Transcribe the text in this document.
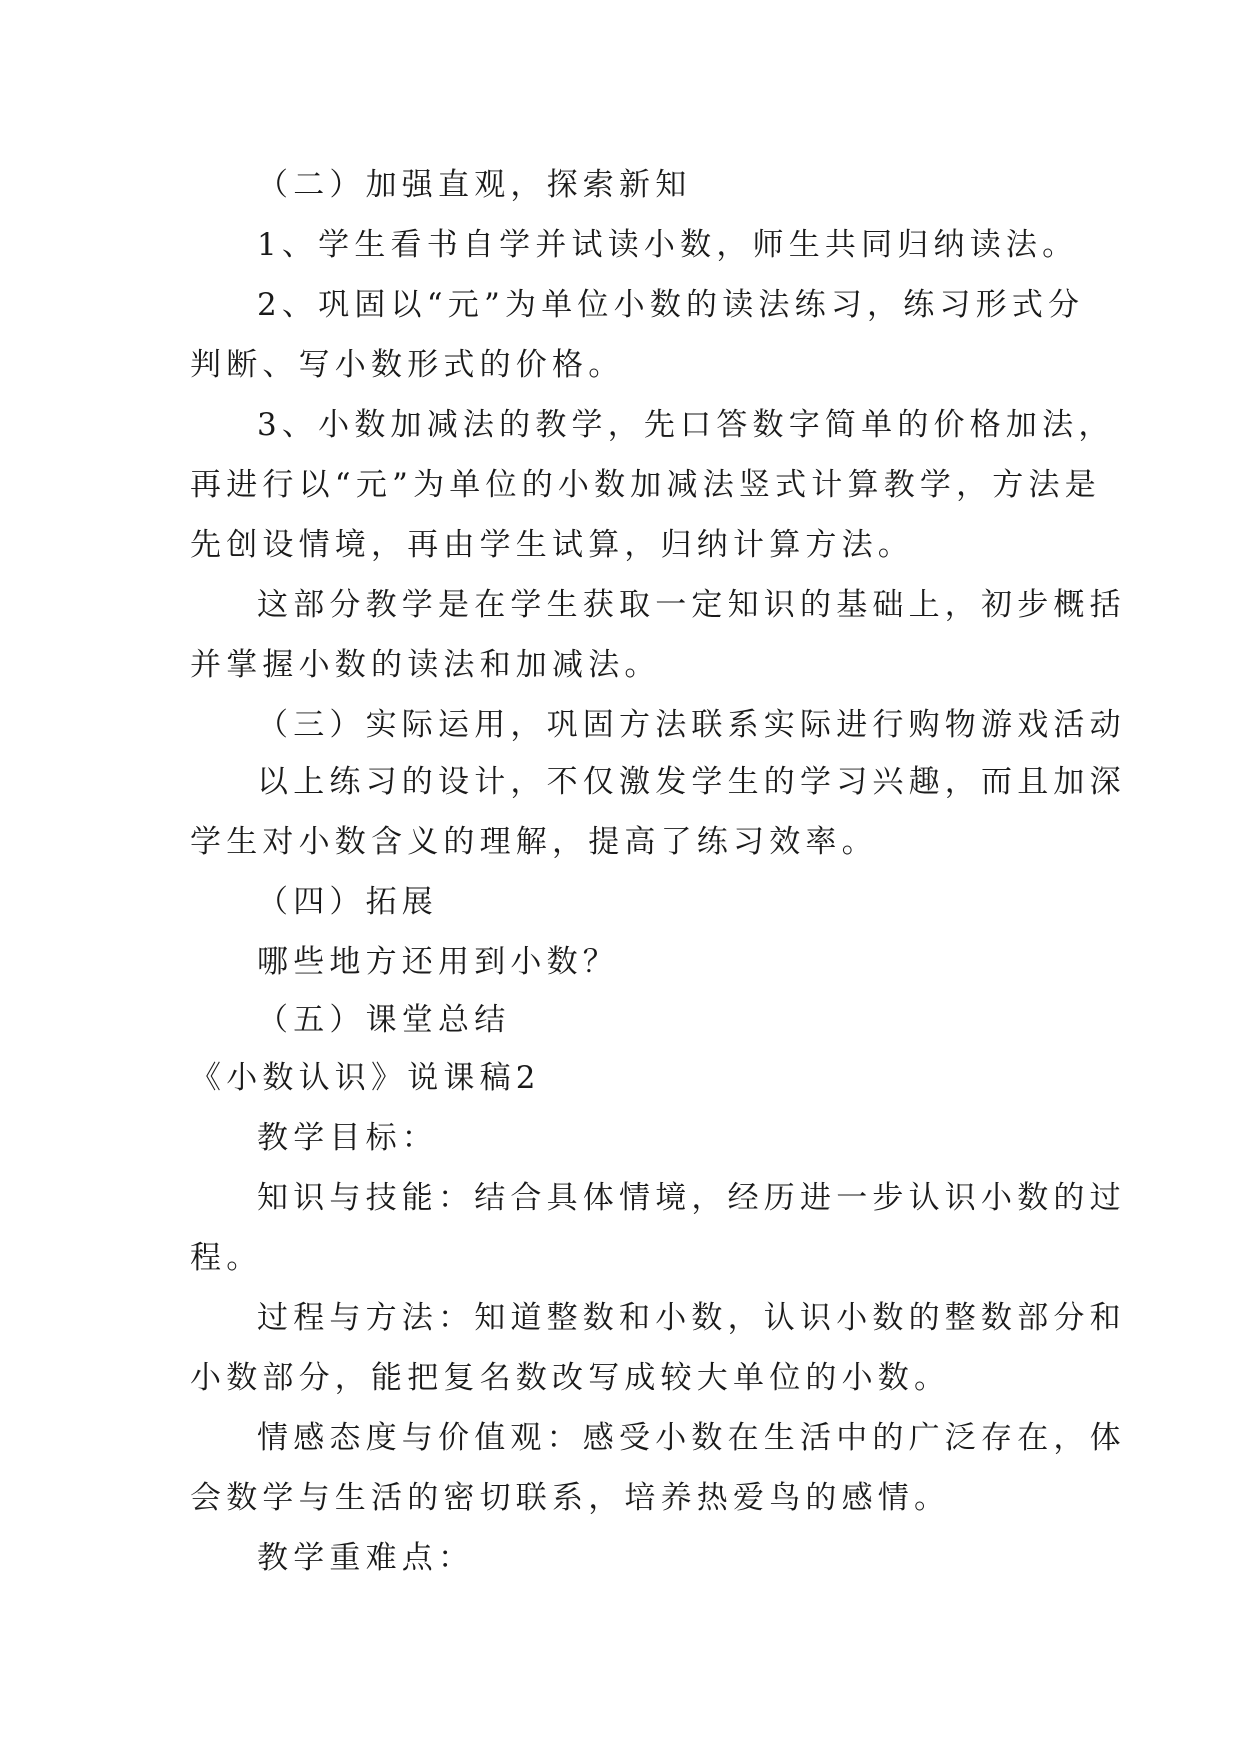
（二）加强直观，探索新知

1、学生看书自学并试读小数，师生共同归纳读法。

2、巩固以“元”为单位小数的读法练习，练习形式分

判断、写小数形式的价格。

3、小数加减法的教学，先口答数字简单的价格加法，

再进行以“元”为单位的小数加减法竖式计算教学，方法是

先创设情境，再由学生试算，归纳计算方法。

这部分教学是在学生获取一定知识的基础上，初步概括

并掌握小数的读法和加减法。

（三）实际运用，巩固方法联系实际进行购物游戏活动

以上练习的设计，不仅激发学生的学习兴趣，而且加深

学生对小数含义的理解，提高了练习效率。

（四）拓展

哪些地方还用到小数？

（五）课堂总结

《小数认识》说课稿2

教学目标：

知识与技能：结合具体情境，经历进一步认识小数的过

程。

过程与方法：知道整数和小数，认识小数的整数部分和

小数部分，能把复名数改写成较大单位的小数。

情感态度与价值观：感受小数在生活中的广泛存在，体

会数学与生活的密切联系，培养热爱鸟的感情。

教学重难点：
